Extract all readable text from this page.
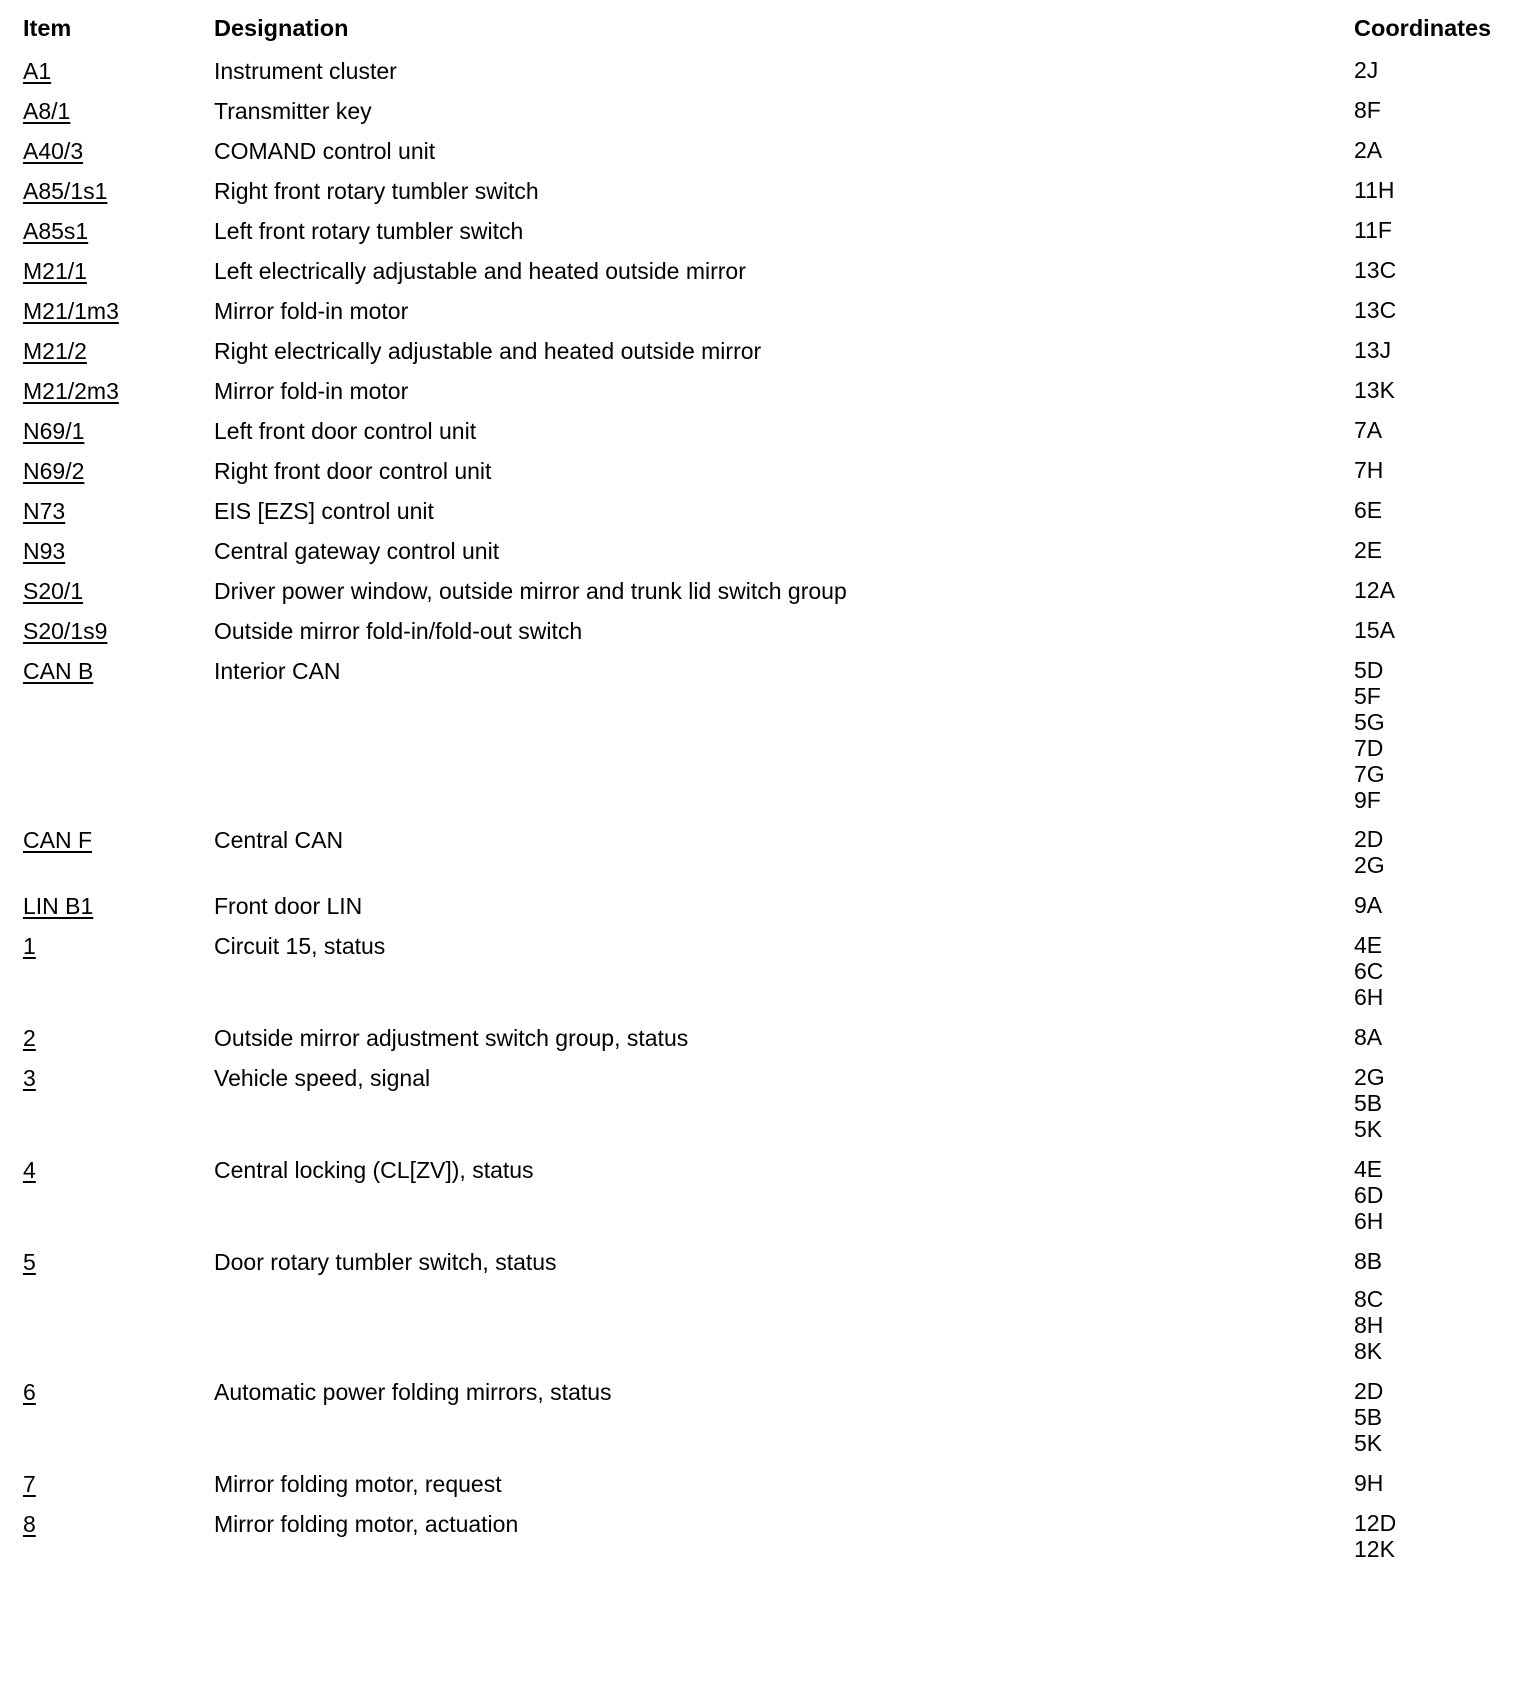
Item	Designation	Coordinates
A1	Instrument cluster	2J
A8/1	Transmitter key	8F
A40/3	COMAND control unit	2A
A85/1s1	Right front rotary tumbler switch	11H
A85s1	Left front rotary tumbler switch	11F
M21/1	Left electrically adjustable and heated outside mirror	13C
M21/1m3	Mirror fold-in motor	13C
M21/2	Right electrically adjustable and heated outside mirror	13J
M21/2m3	Mirror fold-in motor	13K
N69/1	Left front door control unit	7A
N69/2	Right front door control unit	7H
N73	EIS [EZS] control unit	6E
N93	Central gateway control unit	2E
S20/1	Driver power window, outside mirror and trunk lid switch group	12A
S20/1s9	Outside mirror fold-in/fold-out switch	15A
CAN B	Interior CAN	5D
5F
5G
7D
7G
9F
CAN F	Central CAN	2D
2G
LIN B1	Front door LIN	9A
1	Circuit 15, status	4E
6C
6H
2	Outside mirror adjustment switch group, status	8A
3	Vehicle speed, signal	2G
5B
5K
4	Central locking (CL[ZV]), status	4E
6D
6H
5	Door rotary tumbler switch, status	8B
8C
8H
8K
6	Automatic power folding mirrors, status	2D
5B
5K
7	Mirror folding motor, request	9H
8	Mirror folding motor, actuation	12D
12K
